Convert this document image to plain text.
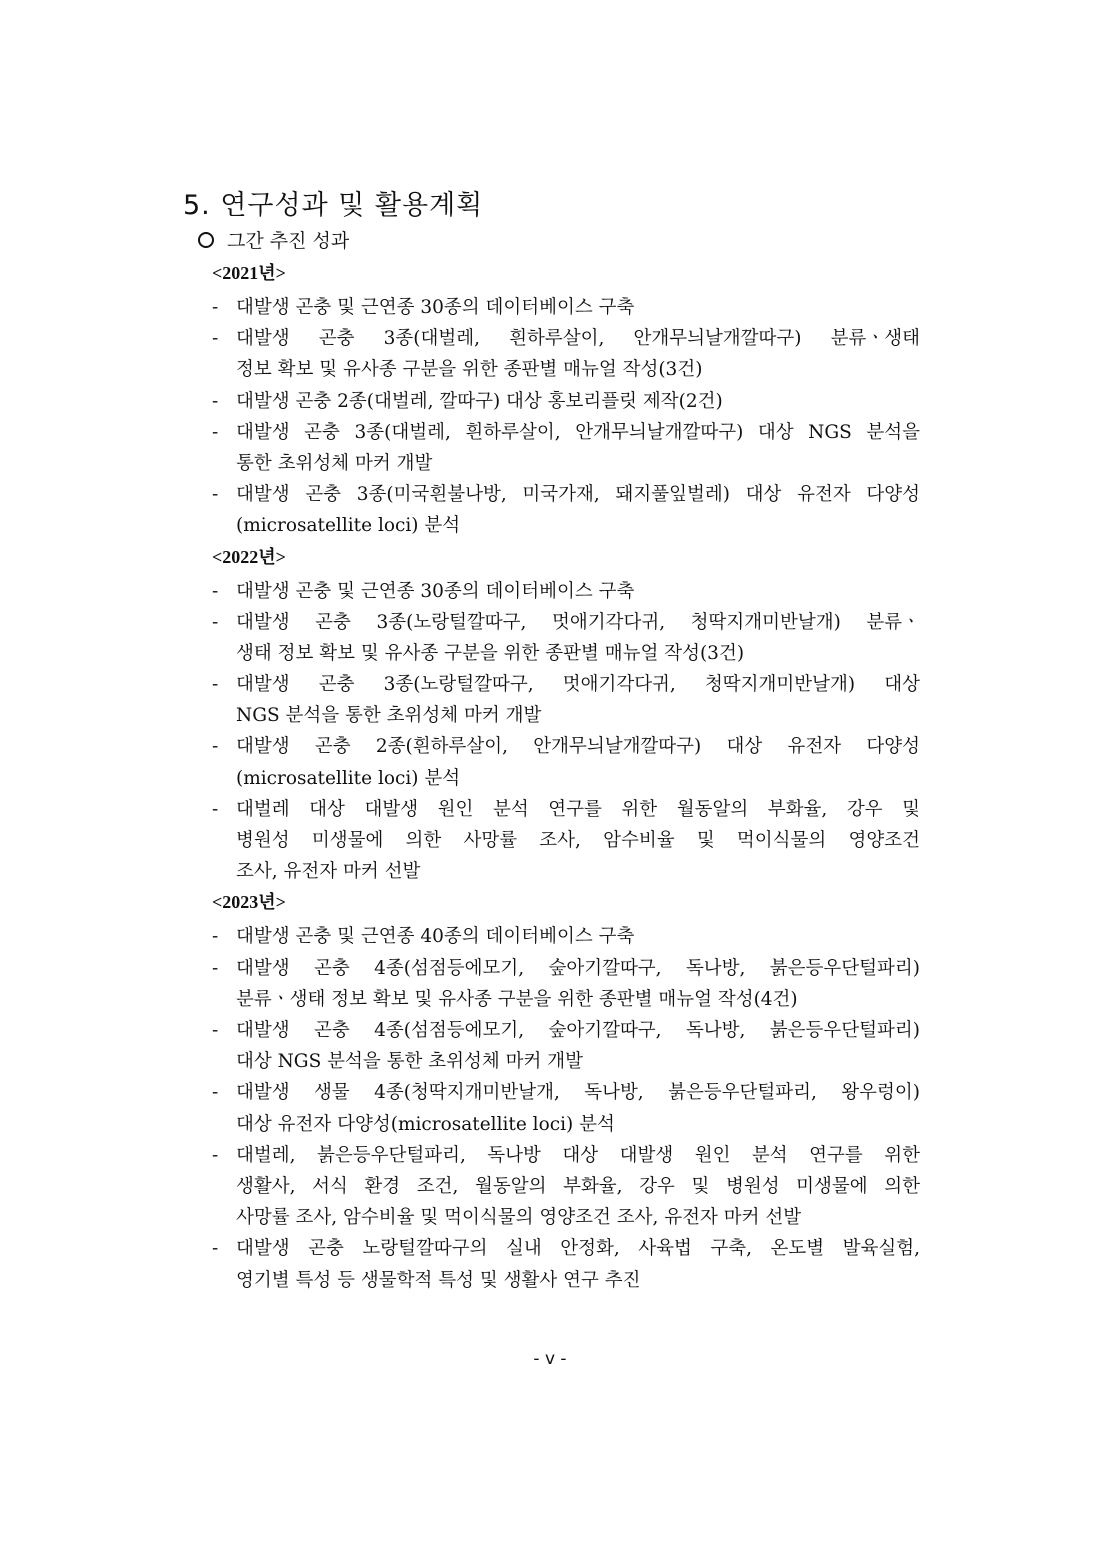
5. 연구성과 및 활용계획
그간 추진 성과
<2021년>
- 대발생 곤충 및 근연종 30종의 데이터베이스 구축
- 대발생 곤충 3종(대벌레, 흰하루살이, 안개무늬날개깔따구) 분류ㆍ생태
정보 확보 및 유사종 구분을 위한 종판별 매뉴얼 작성(3건)
- 대발생 곤충 2종(대벌레, 깔따구) 대상 홍보리플릿 제작(2건)
- 대발생 곤충 3종(대벌레, 흰하루살이, 안개무늬날개깔따구) 대상 NGS 분석을
통한 초위성체 마커 개발
- 대발생 곤충 3종(미국흰불나방, 미국가재, 돼지풀잎벌레) 대상 유전자 다양성
(microsatellite loci) 분석
<2022년>
- 대발생 곤충 및 근연종 30종의 데이터베이스 구축
- 대발생 곤충 3종(노랑털깔따구, 멋애기각다귀, 청딱지개미반날개) 분류ㆍ
생태 정보 확보 및 유사종 구분을 위한 종판별 매뉴얼 작성(3건)
- 대발생 곤충 3종(노랑털깔따구, 멋애기각다귀, 청딱지개미반날개) 대상
NGS 분석을 통한 초위성체 마커 개발
- 대발생 곤충 2종(흰하루살이, 안개무늬날개깔따구) 대상 유전자 다양성
(microsatellite loci) 분석
- 대벌레 대상 대발생 원인 분석 연구를 위한 월동알의 부화율, 강우 및
병원성 미생물에 의한 사망률 조사, 암수비율 및 먹이식물의 영양조건
조사, 유전자 마커 선발
<2023년>
- 대발생 곤충 및 근연종 40종의 데이터베이스 구축
- 대발생 곤충 4종(섬점등에모기, 숲아기깔따구, 독나방, 붉은등우단털파리)
분류ㆍ생태 정보 확보 및 유사종 구분을 위한 종판별 매뉴얼 작성(4건)
- 대발생 곤충 4종(섬점등에모기, 숲아기깔따구, 독나방, 붉은등우단털파리)
대상 NGS 분석을 통한 초위성체 마커 개발
- 대발생 생물 4종(청딱지개미반날개, 독나방, 붉은등우단털파리, 왕우렁이)
대상 유전자 다양성(microsatellite loci) 분석
- 대벌레, 붉은등우단털파리, 독나방 대상 대발생 원인 분석 연구를 위한
생활사, 서식 환경 조건, 월동알의 부화율, 강우 및 병원성 미생물에 의한
사망률 조사, 암수비율 및 먹이식물의 영양조건 조사, 유전자 마커 선발
- 대발생 곤충 노랑털깔따구의 실내 안정화, 사육법 구축, 온도별 발육실험,
영기별 특성 등 생물학적 특성 및 생활사 연구 추진
- v -
